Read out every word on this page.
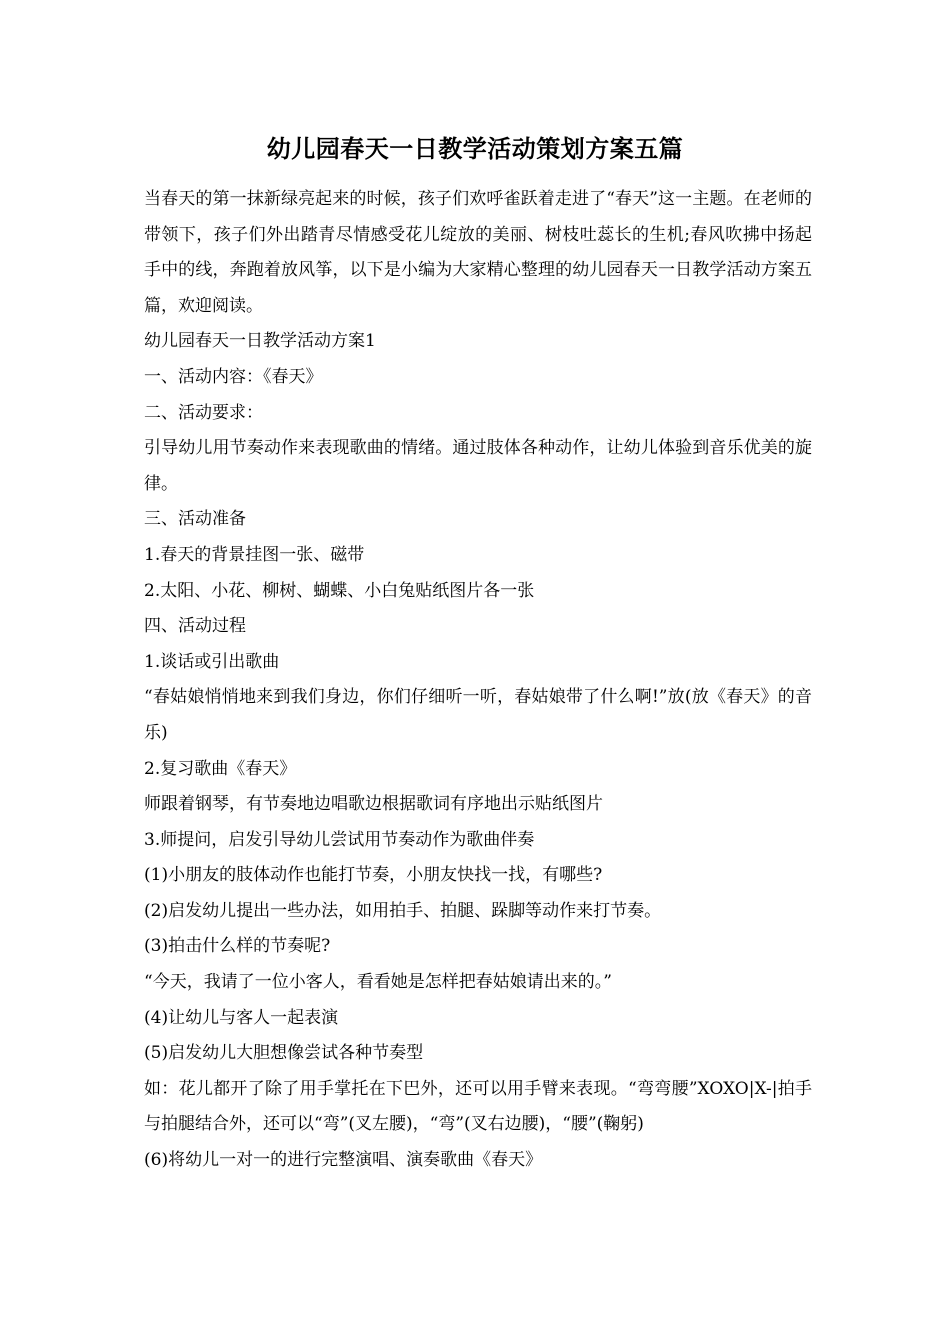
幼儿园春天一日教学活动策划方案五篇

当春天的第一抹新绿亮起来的时候，孩子们欢呼雀跃着走进了“春天”这一主题。在老师的带领下，孩子们外出踏青尽情感受花儿绽放的美丽、树枝吐蕊长的生机;春风吹拂中扬起手中的线，奔跑着放风筝，以下是小编为大家精心整理的幼儿园春天一日教学活动方案五篇，欢迎阅读。

幼儿园春天一日教学活动方案1

一、活动内容：《春天》

二、活动要求：

引导幼儿用节奏动作来表现歌曲的情绪。通过肢体各种动作，让幼儿体验到音乐优美的旋律。

三、活动准备

1.春天的背景挂图一张、磁带

2.太阳、小花、柳树、蝴蝶、小白兔贴纸图片各一张

四、活动过程

1.谈话或引出歌曲

“春姑娘悄悄地来到我们身边，你们仔细听一听，春姑娘带了什么啊!”放(放《春天》的音乐)

2.复习歌曲《春天》

师跟着钢琴，有节奏地边唱歌边根据歌词有序地出示贴纸图片

3.师提问，启发引导幼儿尝试用节奏动作为歌曲伴奏

(1)小朋友的肢体动作也能打节奏，小朋友快找一找，有哪些?

(2)启发幼儿提出一些办法，如用拍手、拍腿、跺脚等动作来打节奏。

(3)拍击什么样的节奏呢?

“今天，我请了一位小客人，看看她是怎样把春姑娘请出来的。”

(4)让幼儿与客人一起表演

(5)启发幼儿大胆想像尝试各种节奏型

如：花儿都开了除了用手掌托在下巴外，还可以用手臂来表现。“弯弯腰”XOXO|X-|拍手与拍腿结合外，还可以“弯”(叉左腰)，“弯”(叉右边腰)，“腰”(鞠躬)

(6)将幼儿一对一的进行完整演唱、演奏歌曲《春天》
